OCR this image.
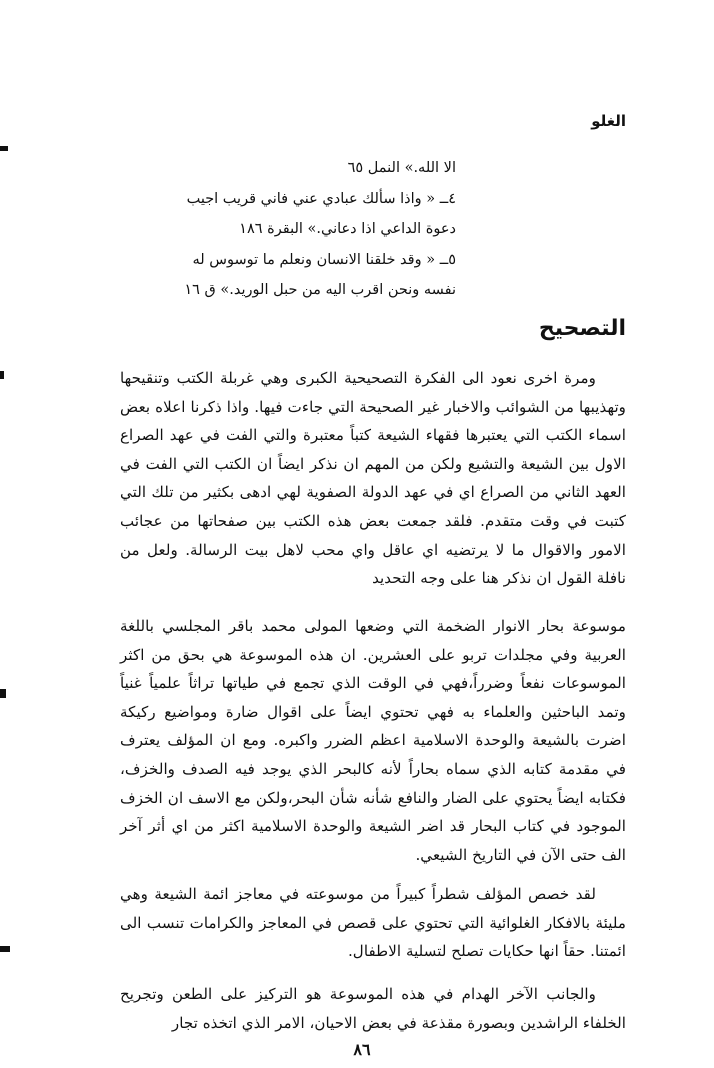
الغلو
الا الله.» النمل ٦٥
٤ــ « واذا سألك عبادي عني فاني قريب اجيب
دعوة الداعي اذا دعاني.» البقرة ١٨٦
٥ــ « وقد خلقنا الانسان ونعلم ما توسوس له
نفسه ونحن اقرب اليه من حبل الوريد.» ق ١٦
التصحيح

ومرة اخرى نعود الى الفكرة التصحيحية الكبرى وهي غربلة الكتب وتنقيحها وتهذيبها من الشوائب والاخبار غير الصحيحة التي جاءت فيها. واذا ذكرنا اعلاه بعض اسماء الكتب التي يعتبرها فقهاء الشيعة كتباً معتبرة والتي الفت في عهد الصراع الاول بين الشيعة والتشيع ولكن من المهم ان نذكر ايضاً ان الكتب التي الفت في العهد الثاني من الصراع اي في عهد الدولة الصفوية لهي ادهى بكثير من تلك التي كتبت في وقت متقدم. فلقد جمعت بعض هذه الكتب بين صفحاتها من عجائب الامور والاقوال ما لا يرتضيه اي عاقل واي محب لاهل بيت الرسالة. ولعل من نافلة القول ان نذكر هنا على وجه التحديد

موسوعة بحار الانوار الضخمة التي وضعها المولى محمد باقر المجلسي باللغة العربية وفي مجلدات تربو على العشرين. ان هذه الموسوعة هي بحق من اكثر الموسوعات نفعاً وضرراً،فهي في الوقت الذي تجمع في طياتها تراثاً علمياً غنياً وتمد الباحثين والعلماء به فهي تحتوي ايضاً على اقوال ضارة ومواضيع ركيكة اضرت بالشيعة والوحدة الاسلامية اعظم الضرر واكبره. ومع ان المؤلف يعترف في مقدمة كتابه الذي سماه بحاراً لأنه كالبحر الذي يوجد فيه الصدف والخزف، فكتابه ايضاً يحتوي على الضار والنافع شأنه شأن البحر،ولكن مع الاسف ان الخزف الموجود في كتاب البحار قد اضر الشيعة والوحدة الاسلامية اكثر من اي أثر آخر الف حتى الآن في التاريخ الشيعي.

لقد خصص المؤلف شطراً كبيراً من موسوعته في معاجز ائمة الشيعة وهي مليئة بالافكار الغلوائية التي تحتوي على قصص في المعاجز والكرامات تنسب الى ائمتنا. حقاً انها حكايات تصلح لتسلية الاطفال.

والجانب الآخر الهدام في هذه الموسوعة هو التركيز على الطعن وتجريح الخلفاء الراشدين وبصورة مقذعة في بعض الاحيان، الامر الذي اتخذه تجار

٨٦
